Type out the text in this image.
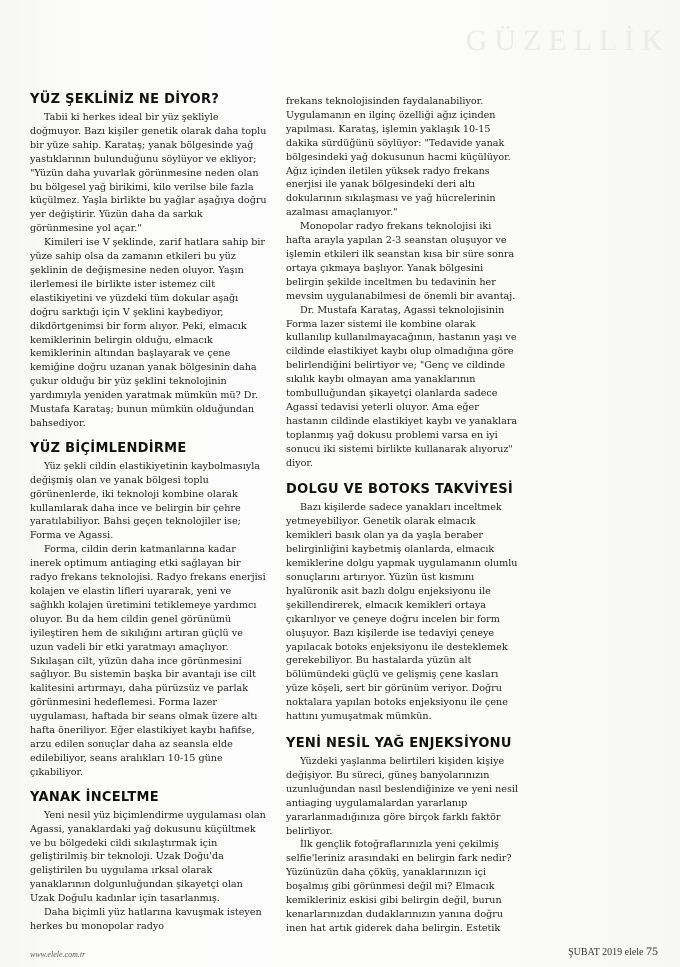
GÜZELLİK
YÜZ ŞEKLİNİZ NE DİYOR?

Tabii ki herkes ideal bir yüz şekliyle doğmuyor. Bazı kişiler genetik olarak daha toplu bir yüze sahip. Karataş; yanak bölgesinde yağ yastıklarının bulunduğunu söylüyor ve ekliyor; "Yüzün daha yuvarlak görünmesine neden olan bu bölgesel yağ birikimi, kilo verilse bile fazla küçülmez. Yaşla birlikte bu yağlar aşağıya doğru yer değiştirir. Yüzün daha da sarkık görünmesine yol açar."

Kimileri ise V şeklinde, zarif hatlara sahip bir yüze sahip olsa da zamanın etkileri bu yüz şeklinin de değişmesine neden oluyor. Yaşın ilerlemesi ile birlikte ister istemez cilt elastikiyetini ve yüzdeki tüm dokular aşağı doğru sarktığı için V şeklini kaybediyor, dikdörtgenimsi bir form alıyor. Peki, elmacık kemiklerinin belirgin olduğu, elmacık kemiklerinin altından başlayarak ve çene kemiğine doğru uzanan yanak bölgesinin daha çukur olduğu bir yüz şeklini teknolojinin yardımıyla yeniden yaratmak mümkün mü? Dr. Mustafa Karataş; bunun mümkün olduğundan bahsediyor.

YÜZ BİÇİMLENDİRME

Yüz şekli cildin elastikiyetinin kaybolmasıyla değişmiş olan ve yanak bölgesi toplu görünenlerde, iki teknoloji kombine olarak kullanılarak daha ince ve belirgin bir çehre yaratılabiliyor. Bahsi geçen teknolojiler ise; Forma ve Agassi.

Forma, cildin derin katmanlarına kadar inerek optimum antiaging etki sağlayan bir radyo frekans teknolojisi. Radyo frekans enerjisi kolajen ve elastin lifleri uyararak, yeni ve sağlıklı kolajen üretimini tetiklemeye yardımcı oluyor. Bu da hem cildin genel görünümü iyileştiren hem de sıkılığını artıran güçlü ve uzun vadeli bir etki yaratmayı amaçlıyor. Sıkılaşan cilt, yüzün daha ince görünmesini sağlıyor. Bu sistemin başka bir avantajı ise cilt kalitesini artırmayı, daha pürüzsüz ve parlak görünmesini hedeflemesi. Forma lazer uygulaması, haftada bir seans olmak üzere altı hafta öneriliyor. Eğer elastikiyet kaybı hafifse, arzu edilen sonuçlar daha az seansla elde edilebiliyor, seans aralıkları 10-15 güne çıkabiliyor.

YANAK İNCELTME

Yeni nesil yüz biçimlendirme uygulaması olan Agassi, yanaklardaki yağ dokusunu küçültmek ve bu bölgedeki cildi sıkılaştırmak için geliştirilmiş bir teknoloji. Uzak Doğu'da geliştirilen bu uygulama ırksal olarak yanaklarının dolgunluğundan şikayetçi olan Uzak Doğulu kadınlar için tasarlanmış.

Daha biçimli yüz hatlarına kavuşmak isteyen herkes bu monopolar radyo

frekans teknolojisinden faydalanabiliyor. Uygulamanın en ilginç özelliği ağız içinden yapılması. Karataş, işlemin yaklaşık 10-15 dakika sürdüğünü söylüyor: "Tedavide yanak bölgesindeki yağ dokusunun hacmi küçülüyor. Ağız içinden iletilen yüksek radyo frekans enerjisi ile yanak bölgesindeki deri altı dokularının sıkılaşması ve yağ hücrelerinin azalması amaçlanıyor."

Monopolar radyo frekans teknolojisi iki hafta arayla yapılan 2-3 seanstan oluşuyor ve işlemin etkileri ilk seanstan kısa bir süre sonra ortaya çıkmaya başlıyor. Yanak bölgesini belirgin şekilde inceltmen bu tedavinin her mevsim uygulanabilmesi de önemli bir avantaj.

Dr. Mustafa Karataş, Agassi teknolojisinin Forma lazer sistemi ile kombine olarak kullanılıp kullanılmayacağının, hastanın yaşı ve cildinde elastikiyet kaybı olup olmadığına göre belirlendiğini belirtiyor ve; "Genç ve cildinde sıkılık kaybı olmayan ama yanaklarının tombulluğundan şikayetçi olanlarda sadece Agassi tedavisi yeterli oluyor. Ama eğer hastanın cildinde elastikiyet kaybı ve yanaklara toplanmış yağ dokusu problemi varsa en iyi sonucu iki sistemi birlikte kullanarak alıyoruz" diyor.

DOLGU VE BOTOKS TAKVİYESİ

Bazı kişilerde sadece yanakları inceltmek yetmeyebiliyor. Genetik olarak elmacık kemikleri basık olan ya da yaşla beraber belirginliğini kaybetmiş olanlarda, elmacık kemiklerine dolgu yapmak uygulamanın olumlu sonuçlarını artırıyor. Yüzün üst kısmını hyalüronik asit bazlı dolgu enjeksiyonu ile şekillendirerek, elmacık kemikleri ortaya çıkarılıyor ve çeneye doğru incelen bir form oluşuyor. Bazı kişilerde ise tedaviyi çeneye yapılacak botoks enjeksiyonu ile desteklemek gerekebiliyor. Bu hastalarda yüzün alt bölümündeki güçlü ve gelişmiş çene kasları yüze köşeli, sert bir görünüm veriyor. Doğru noktalara yapılan botoks enjeksiyonu ile çene hattını yumuşatmak mümkün.

YENİ NESİL YAĞ ENJEKSİYONU

Yüzdeki yaşlanma belirtileri kişiden kişiye değişiyor. Bu süreci, güneş banyolarınızın uzunluğundan nasıl beslendiğinize ve yeni nesil antiaging uygulamalardan yararlanıp yararlanmadığınıza göre birçok farklı faktör belirliyor.

İlk gençlik fotoğraflarınızla yeni çekilmiş selfie'leriniz arasındaki en belirgin fark nedir? Yüzünüzün daha çöküş, yanaklarınızın içi boşalmış gibi görünmesi değil mi? Elmacık kemikleriniz eskisi gibi belirgin değil, burun kenarlarınızdan dudaklarınızın yanına doğru inen hat artık giderek daha belirgin. Estetik

www.elele.com.tr	ŞUBAT 2019 elele 75
